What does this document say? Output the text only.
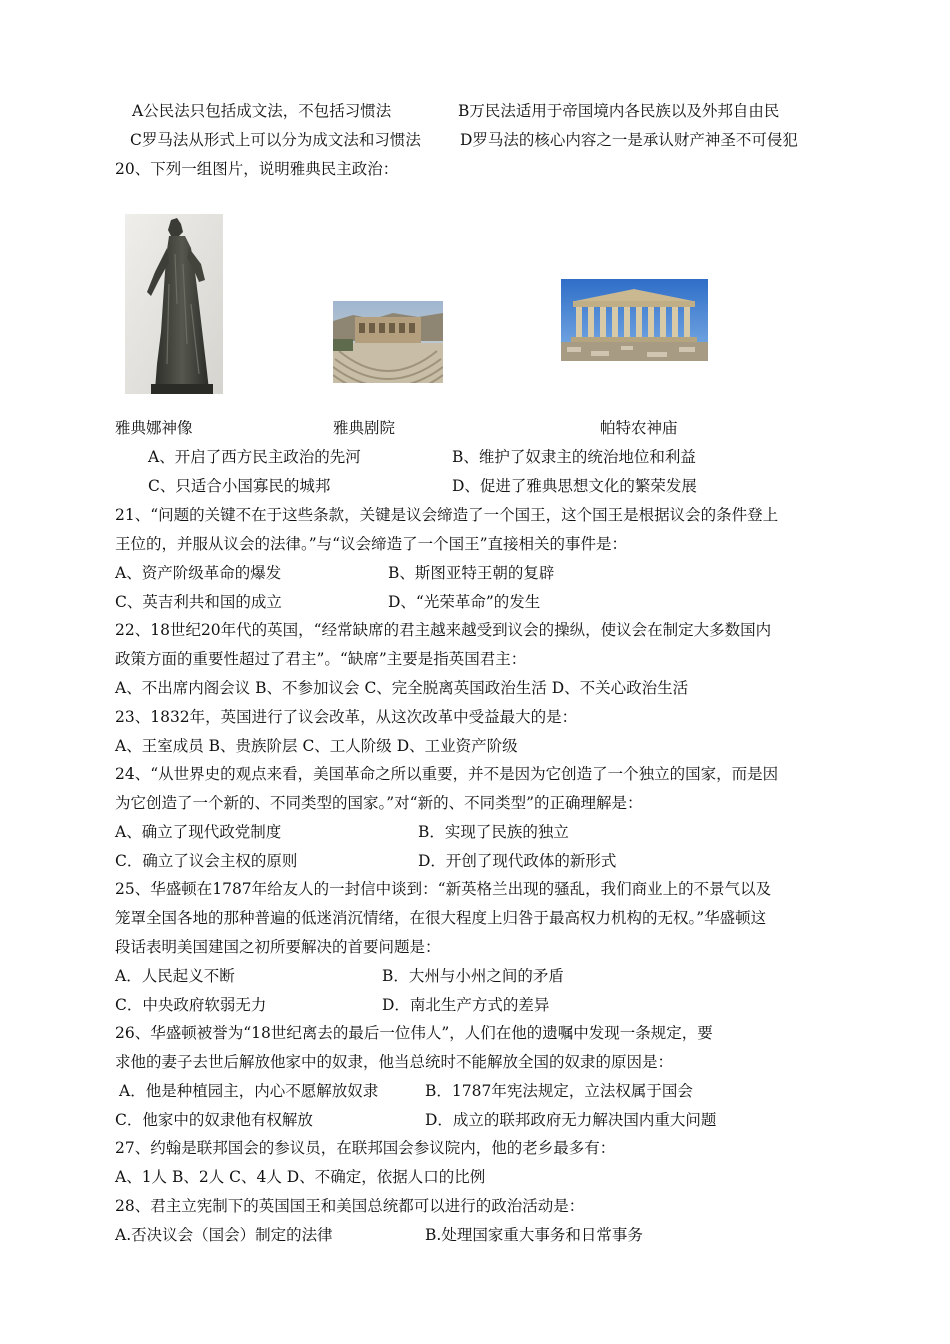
A公民法只包括成文法，不包括习惯法	B万民法适用于帝国境内各民族以及外邦自由民
C罗马法从形式上可以分为成文法和习惯法	D罗马法的核心内容之一是承认财产神圣不可侵犯
20、下列一组图片，说明雅典民主政治：
雅典娜神像	雅典剧院	帕特农神庙
A、开启了西方民主政治的先河	B、维护了奴隶主的统治地位和利益
C、只适合小国寡民的城邦	D、促进了雅典思想文化的繁荣发展
21、“问题的关键不在于这些条款，关键是议会缔造了一个国王，这个国王是根据议会的条件登上
王位的，并服从议会的法律。”与“议会缔造了一个国王”直接相关的事件是：
A、资产阶级革命的爆发	B、斯图亚特王朝的复辟
C、英吉利共和国的成立	D、“光荣革命”的发生
22、18世纪20年代的英国，“经常缺席的君主越来越受到议会的操纵，使议会在制定大多数国内
政策方面的重要性超过了君主”。“缺席”主要是指英国君主：
A、不出席内阁会议 B、不参加议会 C、完全脱离英国政治生活 D、不关心政治生活
23、1832年，英国进行了议会改革，从这次改革中受益最大的是：
A、王室成员 B、贵族阶层 C、工人阶级 D、工业资产阶级
24、“从世界史的观点来看，美国革命之所以重要，并不是因为它创造了一个独立的国家，而是因
为它创造了一个新的、不同类型的国家。”对“新的、不同类型”的正确理解是：
A、确立了现代政党制度	B．实现了民族的独立
C．确立了议会主权的原则	D．开创了现代政体的新形式
25、华盛顿在1787年给友人的一封信中谈到：“新英格兰出现的骚乱，我们商业上的不景气以及
笼罩全国各地的那种普遍的低迷消沉情绪，在很大程度上归咎于最高权力机构的无权。”华盛顿这
段话表明美国建国之初所要解决的首要问题是：
A．人民起义不断	B．大州与小州之间的矛盾
C．中央政府软弱无力	D．南北生产方式的差异
26、华盛顿被誉为“18世纪离去的最后一位伟人”，人们在他的遗嘱中发现一条规定，要
求他的妻子去世后解放他家中的奴隶，他当总统时不能解放全国的奴隶的原因是：
A．他是种植园主，内心不愿解放奴隶	B．1787年宪法规定，立法权属于国会
C．他家中的奴隶他有权解放	D．成立的联邦政府无力解决国内重大问题
27、约翰是联邦国会的参议员，在联邦国会参议院内，他的老乡最多有：
A、1人 B、2人 C、4人 D、不确定，依据人口的比例
28、君主立宪制下的英国国王和美国总统都可以进行的政治活动是：
A.否决议会（国会）制定的法律	B.处理国家重大事务和日常事务
